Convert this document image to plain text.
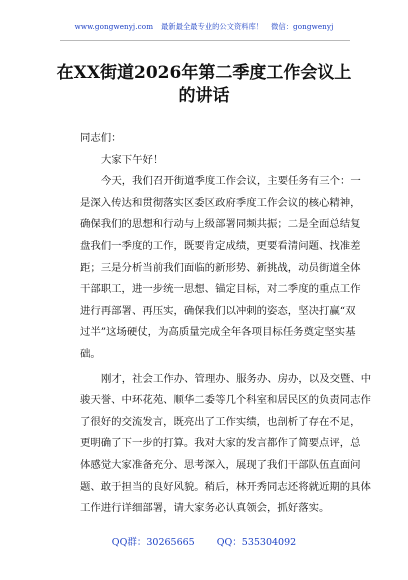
www.gongwenyj.com 最新最全最专业的公文资料库！ 微信：gongwenyj
在XX街道2026年第二季度工作会议上
的讲话
同志们：
大家下午好！
今天，我们召开街道季度工作会议，主要任务有三个：一
是深入传达和贯彻落实区委区政府季度工作会议的核心精神，
确保我们的思想和行动与上级部署同频共振；二是全面总结复
盘我们一季度的工作，既要肯定成绩，更要看清问题、找准差
距；三是分析当前我们面临的新形势、新挑战，动员街道全体
干部职工，进一步统一思想、锚定目标，对二季度的重点工作
进行再部署、再压实，确保我们以冲刺的姿态，坚决打赢“双
过半”这场硬仗，为高质量完成全年各项目标任务奠定坚实基
础。
刚才，社会工作办、管理办、服务办、房办，以及交暨、中
骏天誉、中环花苑、顺华二委等几个科室和居民区的负责同志作
了很好的交流发言，既亮出了工作实绩，也剖析了存在不足，
更明确了下一步的打算。我对大家的发言都作了简要点评，总
体感觉大家准备充分、思考深入，展现了我们干部队伍直面问
题、敢于担当的良好风貌。稍后，林开秀同志还将就近期的具体
工作进行详细部署，请大家务必认真领会，抓好落实。
QQ群：30265665 QQ：535304092
